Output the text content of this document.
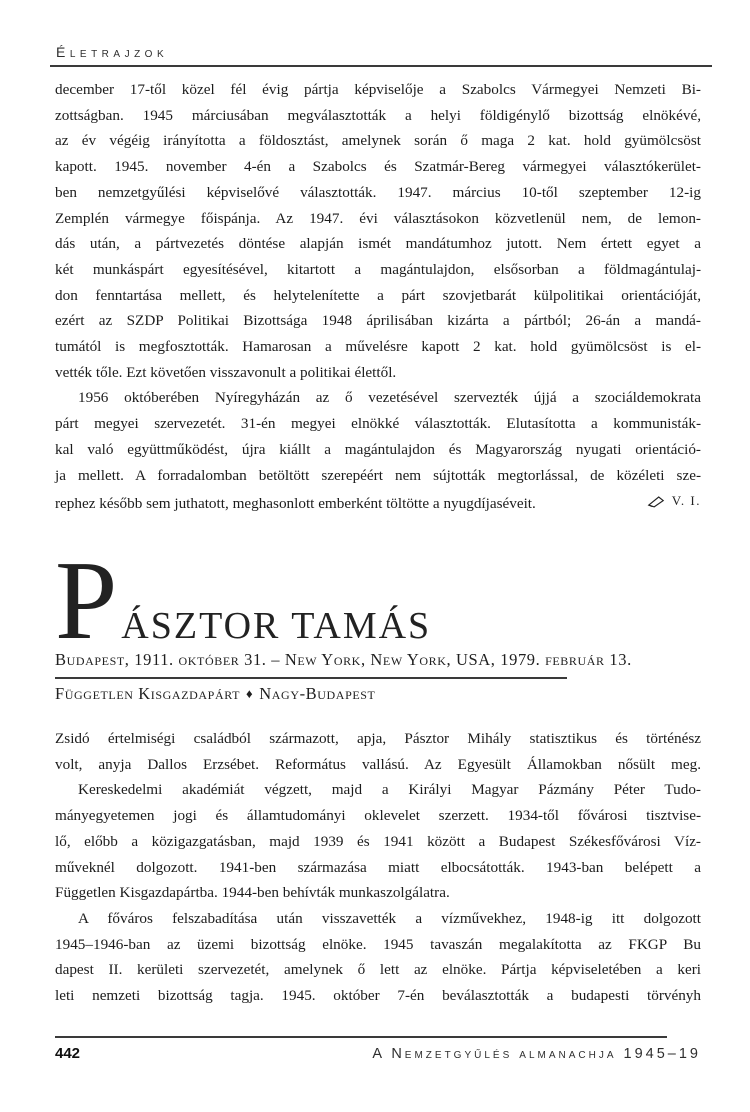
Életrajzok
december 17-től közel fél évig pártja képviselője a Szabolcs Vármegyei Nemzeti Bi-
zottságban. 1945 márciusában megválasztották a helyi földigénylő bizottság elnökévé,
az év végéig irányította a földosztást, amelynek során ő maga 2 kat. hold gyümölcsöst
kapott. 1945. november 4-én a Szabolcs és Szatmár-Bereg vármegyei választókerület-
ben nemzetgyűlési képviselővé választották. 1947. március 10-től szeptember 12-ig
Zemplén vármegye főispánja. Az 1947. évi választásokon közvetlenül nem, de lemon-
dás után, a pártvezetés döntése alapján ismét mandátumhoz jutott. Nem értett egyet a
két munkáspárt egyesítésével, kitartott a magántulajdon, elsősorban a földmagántulaj-
don fenntartása mellett, és helytelenítette a párt szovjetbarát külpolitikai orientációját,
ezért az SZDP Politikai Bizottsága 1948 áprilisában kizárta a pártból; 26-án a mandá-
tumától is megfosztották. Hamarosan a művelésre kapott 2 kat. hold gyümölcsöst is el-
vették tőle. Ezt követően visszavonult a politikai élettől.
1956 októberében Nyíregyházán az ő vezetésével szervezték újjá a szociáldemokrata
párt megyei szervezetét. 31-én megyei elnökké választották. Elutasította a kommunisták-
kal való együttműködést, újra kiállt a magántulajdon és Magyarország nyugati orientáció-
ja mellett. A forradalomban betöltött szerepéért nem sújtották megtorlással, de közéleti sze-
rephez később sem juthatott, meghasonlott emberként töltötte a nyugdíjaséveit.	V. I.
P ÁSZTOR TAMÁS
Budapest, 1911. október 31. – New York, New York, USA, 1979. február 13.
Független Kisgazdapárt ♦ Nagy-Budapest
Zsidó értelmiségi családból származott, apja, Pásztor Mihály statisztikus és történész
volt, anyja Dallos Erzsébet. Református vallású. Az Egyesült Államokban nősült meg.
Kereskedelmi akadémiát végzett, majd a Királyi Magyar Pázmány Péter Tudo-
mányegyetemen jogi és államtudományi oklevelet szerzett. 1934-től fővárosi tisztvise-
lő, előbb a közigazgatásban, majd 1939 és 1941 között a Budapest Székesfővárosi Víz-
műveknél dolgozott. 1941-ben származása miatt elbocsátották. 1943-ban belépett a
Független Kisgazdapártba. 1944-ben behívták munkaszolgálatra.
A főváros felszabadítása után visszavették a vízművekhez, 1948-ig itt dolgozott
1945–1946-ban az üzemi bizottság elnöke. 1945 tavaszán megalakította az FKGP Bu
dapest II. kerületi szervezetét, amelynek ő lett az elnöke. Pártja képviseletében a keri
leti nemzeti bizottság tagja. 1945. október 7-én beválasztották a budapesti törvényh
442	A Nemzetgyűlés almanachja 1945–19
